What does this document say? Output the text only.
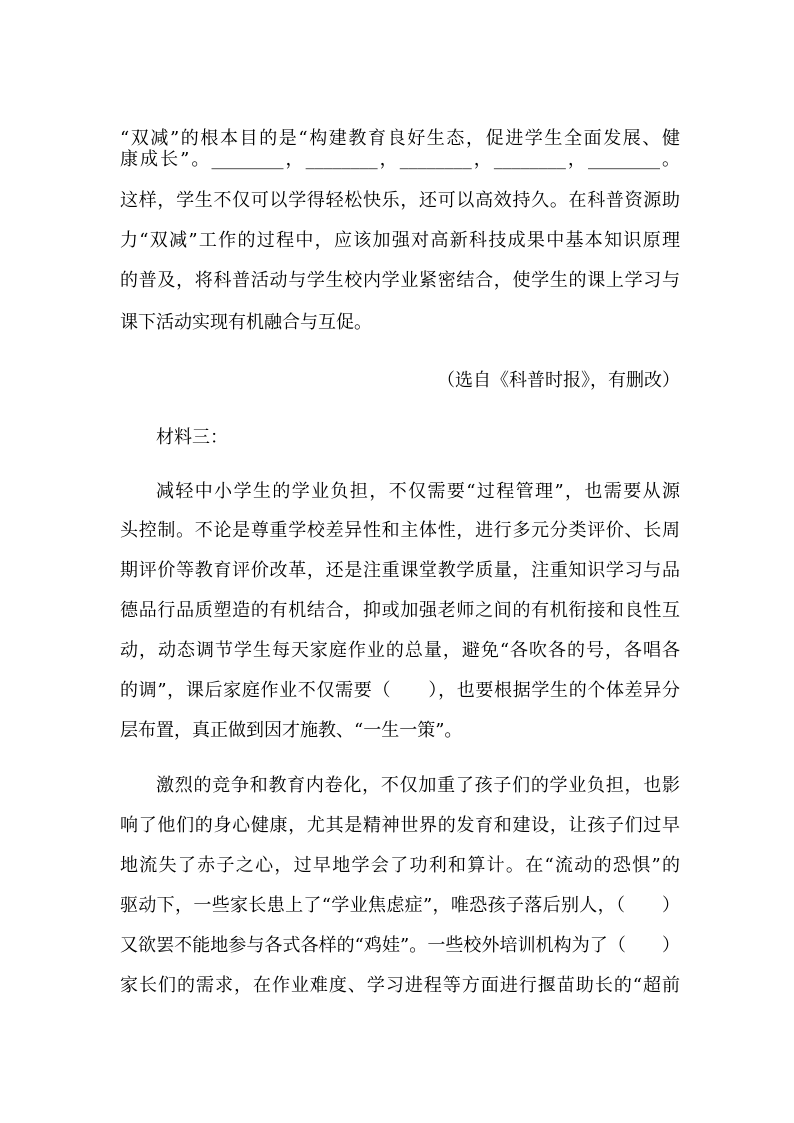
“双减”的根本目的是“构建教育良好生态，促进学生全面发展、健
康成长”。________，________，________，________，________。
这样，学生不仅可以学得轻松快乐，还可以高效持久。在科普资源助
力“双减”工作的过程中，应该加强对高新科技成果中基本知识原理
的普及，将科普活动与学生校内学业紧密结合，使学生的课上学习与
课下活动实现有机融合与互促。
（选自《科普时报》，有删改）
材料三：
减轻中小学生的学业负担，不仅需要“过程管理”，也需要从源
头控制。不论是尊重学校差异性和主体性，进行多元分类评价、长周
期评价等教育评价改革，还是注重课堂教学质量，注重知识学习与品
德品行品质塑造的有机结合，抑或加强老师之间的有机衔接和良性互
动，动态调节学生每天家庭作业的总量，避免“各吹各的号，各唱各
的调”，课后家庭作业不仅需要（　　），也要根据学生的个体差异分
层布置，真正做到因才施教、“一生一策”。
激烈的竞争和教育内卷化，不仅加重了孩子们的学业负担，也影
响了他们的身心健康，尤其是精神世界的发育和建设，让孩子们过早
地流失了赤子之心，过早地学会了功利和算计。在“流动的恐惧”的
驱动下，一些家长患上了“学业焦虑症”，唯恐孩子落后别人，（　　）
又欲罢不能地参与各式各样的“鸡娃”。一些校外培训机构为了（　　）
家长们的需求，在作业难度、学习进程等方面进行揠苗助长的“超前
